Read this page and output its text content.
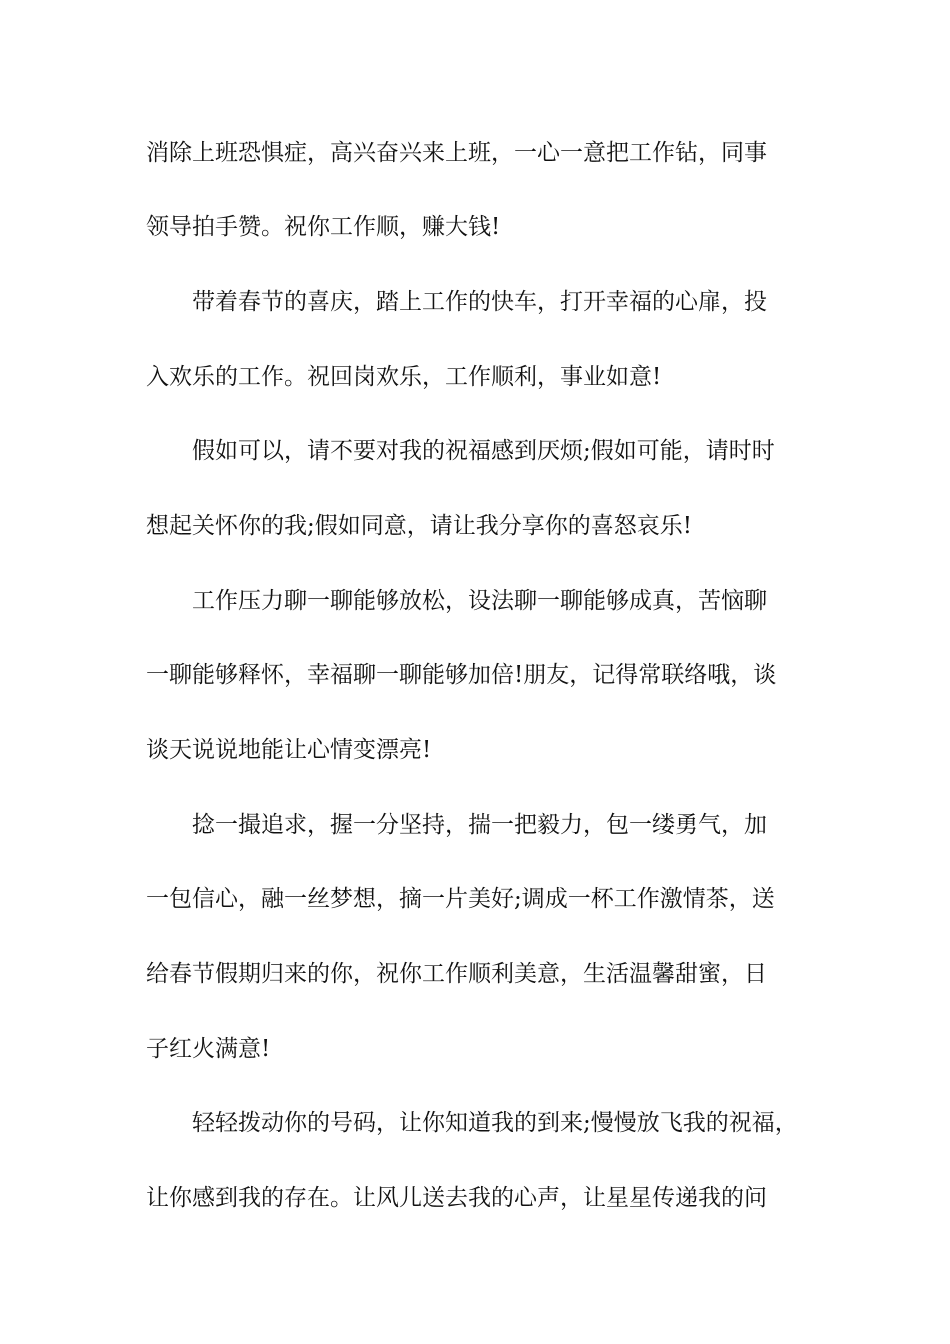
消除上班恐惧症，高兴奋兴来上班，一心一意把工作钻，同事

领导拍手赞。祝你工作顺，赚大钱!

带着春节的喜庆，踏上工作的快车，打开幸福的心扉，投

入欢乐的工作。祝回岗欢乐，工作顺利，事业如意!

假如可以，请不要对我的祝福感到厌烦;假如可能，请时时

想起关怀你的我;假如同意，请让我分享你的喜怒哀乐!

工作压力聊一聊能够放松，设法聊一聊能够成真，苦恼聊

一聊能够释怀，幸福聊一聊能够加倍!朋友，记得常联络哦，谈

谈天说说地能让心情变漂亮!

捻一撮追求，握一分坚持，揣一把毅力，包一缕勇气，加

一包信心，融一丝梦想，摘一片美好;调成一杯工作激情茶，送

给春节假期归来的你，祝你工作顺利美意，生活温馨甜蜜，日

子红火满意!

轻轻拨动你的号码，让你知道我的到来;慢慢放飞我的祝福，

让你感到我的存在。让风儿送去我的心声，让星星传递我的问
